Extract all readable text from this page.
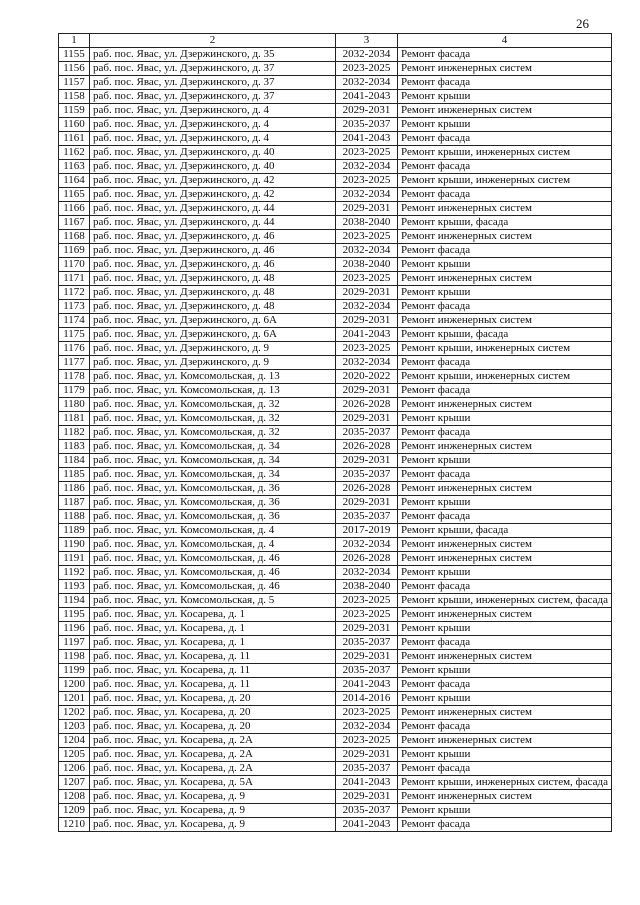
26
1	2	3	4
1155	раб. пос. Явас, ул. Дзержинского, д. 35	2032-2034	Ремонт фасада
1156	раб. пос. Явас, ул. Дзержинского, д. 37	2023-2025	Ремонт инженерных систем
1157	раб. пос. Явас, ул. Дзержинского, д. 37	2032-2034	Ремонт фасада
1158	раб. пос. Явас, ул. Дзержинского, д. 37	2041-2043	Ремонт крыши
1159	раб. пос. Явас, ул. Дзержинского, д. 4	2029-2031	Ремонт инженерных систем
1160	раб. пос. Явас, ул. Дзержинского, д. 4	2035-2037	Ремонт крыши
1161	раб. пос. Явас, ул. Дзержинского, д. 4	2041-2043	Ремонт фасада
1162	раб. пос. Явас, ул. Дзержинского, д. 40	2023-2025	Ремонт крыши, инженерных систем
1163	раб. пос. Явас, ул. Дзержинского, д. 40	2032-2034	Ремонт фасада
1164	раб. пос. Явас, ул. Дзержинского, д. 42	2023-2025	Ремонт крыши, инженерных систем
1165	раб. пос. Явас, ул. Дзержинского, д. 42	2032-2034	Ремонт фасада
1166	раб. пос. Явас, ул. Дзержинского, д. 44	2029-2031	Ремонт инженерных систем
1167	раб. пос. Явас, ул. Дзержинского, д. 44	2038-2040	Ремонт крыши, фасада
1168	раб. пос. Явас, ул. Дзержинского, д. 46	2023-2025	Ремонт инженерных систем
1169	раб. пос. Явас, ул. Дзержинского, д. 46	2032-2034	Ремонт фасада
1170	раб. пос. Явас, ул. Дзержинского, д. 46	2038-2040	Ремонт крыши
1171	раб. пос. Явас, ул. Дзержинского, д. 48	2023-2025	Ремонт инженерных систем
1172	раб. пос. Явас, ул. Дзержинского, д. 48	2029-2031	Ремонт крыши
1173	раб. пос. Явас, ул. Дзержинского, д. 48	2032-2034	Ремонт фасада
1174	раб. пос. Явас, ул. Дзержинского, д. 6А	2029-2031	Ремонт инженерных систем
1175	раб. пос. Явас, ул. Дзержинского, д. 6А	2041-2043	Ремонт крыши, фасада
1176	раб. пос. Явас, ул. Дзержинского, д. 9	2023-2025	Ремонт крыши, инженерных систем
1177	раб. пос. Явас, ул. Дзержинского, д. 9	2032-2034	Ремонт фасада
1178	раб. пос. Явас, ул. Комсомольская, д. 13	2020-2022	Ремонт крыши, инженерных систем
1179	раб. пос. Явас, ул. Комсомольская, д. 13	2029-2031	Ремонт фасада
1180	раб. пос. Явас, ул. Комсомольская, д. 32	2026-2028	Ремонт инженерных систем
1181	раб. пос. Явас, ул. Комсомольская, д. 32	2029-2031	Ремонт крыши
1182	раб. пос. Явас, ул. Комсомольская, д. 32	2035-2037	Ремонт фасада
1183	раб. пос. Явас, ул. Комсомольская, д. 34	2026-2028	Ремонт инженерных систем
1184	раб. пос. Явас, ул. Комсомольская, д. 34	2029-2031	Ремонт крыши
1185	раб. пос. Явас, ул. Комсомольская, д. 34	2035-2037	Ремонт фасада
1186	раб. пос. Явас, ул. Комсомольская, д. 36	2026-2028	Ремонт инженерных систем
1187	раб. пос. Явас, ул. Комсомольская, д. 36	2029-2031	Ремонт крыши
1188	раб. пос. Явас, ул. Комсомольская, д. 36	2035-2037	Ремонт фасада
1189	раб. пос. Явас, ул. Комсомольская, д. 4	2017-2019	Ремонт крыши, фасада
1190	раб. пос. Явас, ул. Комсомольская, д. 4	2032-2034	Ремонт инженерных систем
1191	раб. пос. Явас, ул. Комсомольская, д. 46	2026-2028	Ремонт инженерных систем
1192	раб. пос. Явас, ул. Комсомольская, д. 46	2032-2034	Ремонт крыши
1193	раб. пос. Явас, ул. Комсомольская, д. 46	2038-2040	Ремонт фасада
1194	раб. пос. Явас, ул. Комсомольская, д. 5	2023-2025	Ремонт крыши, инженерных систем, фасада
1195	раб. пос. Явас, ул. Косарева, д. 1	2023-2025	Ремонт инженерных систем
1196	раб. пос. Явас, ул. Косарева, д. 1	2029-2031	Ремонт крыши
1197	раб. пос. Явас, ул. Косарева, д. 1	2035-2037	Ремонт фасада
1198	раб. пос. Явас, ул. Косарева, д. 11	2029-2031	Ремонт инженерных систем
1199	раб. пос. Явас, ул. Косарева, д. 11	2035-2037	Ремонт крыши
1200	раб. пос. Явас, ул. Косарева, д. 11	2041-2043	Ремонт фасада
1201	раб. пос. Явас, ул. Косарева, д. 20	2014-2016	Ремонт крыши
1202	раб. пос. Явас, ул. Косарева, д. 20	2023-2025	Ремонт инженерных систем
1203	раб. пос. Явас, ул. Косарева, д. 20	2032-2034	Ремонт фасада
1204	раб. пос. Явас, ул. Косарева, д. 2А	2023-2025	Ремонт инженерных систем
1205	раб. пос. Явас, ул. Косарева, д. 2А	2029-2031	Ремонт крыши
1206	раб. пос. Явас, ул. Косарева, д. 2А	2035-2037	Ремонт фасада
1207	раб. пос. Явас, ул. Косарева, д. 5А	2041-2043	Ремонт крыши, инженерных систем, фасада
1208	раб. пос. Явас, ул. Косарева, д. 9	2029-2031	Ремонт инженерных систем
1209	раб. пос. Явас, ул. Косарева, д. 9	2035-2037	Ремонт крыши
1210	раб. пос. Явас, ул. Косарева, д. 9	2041-2043	Ремонт фасада
